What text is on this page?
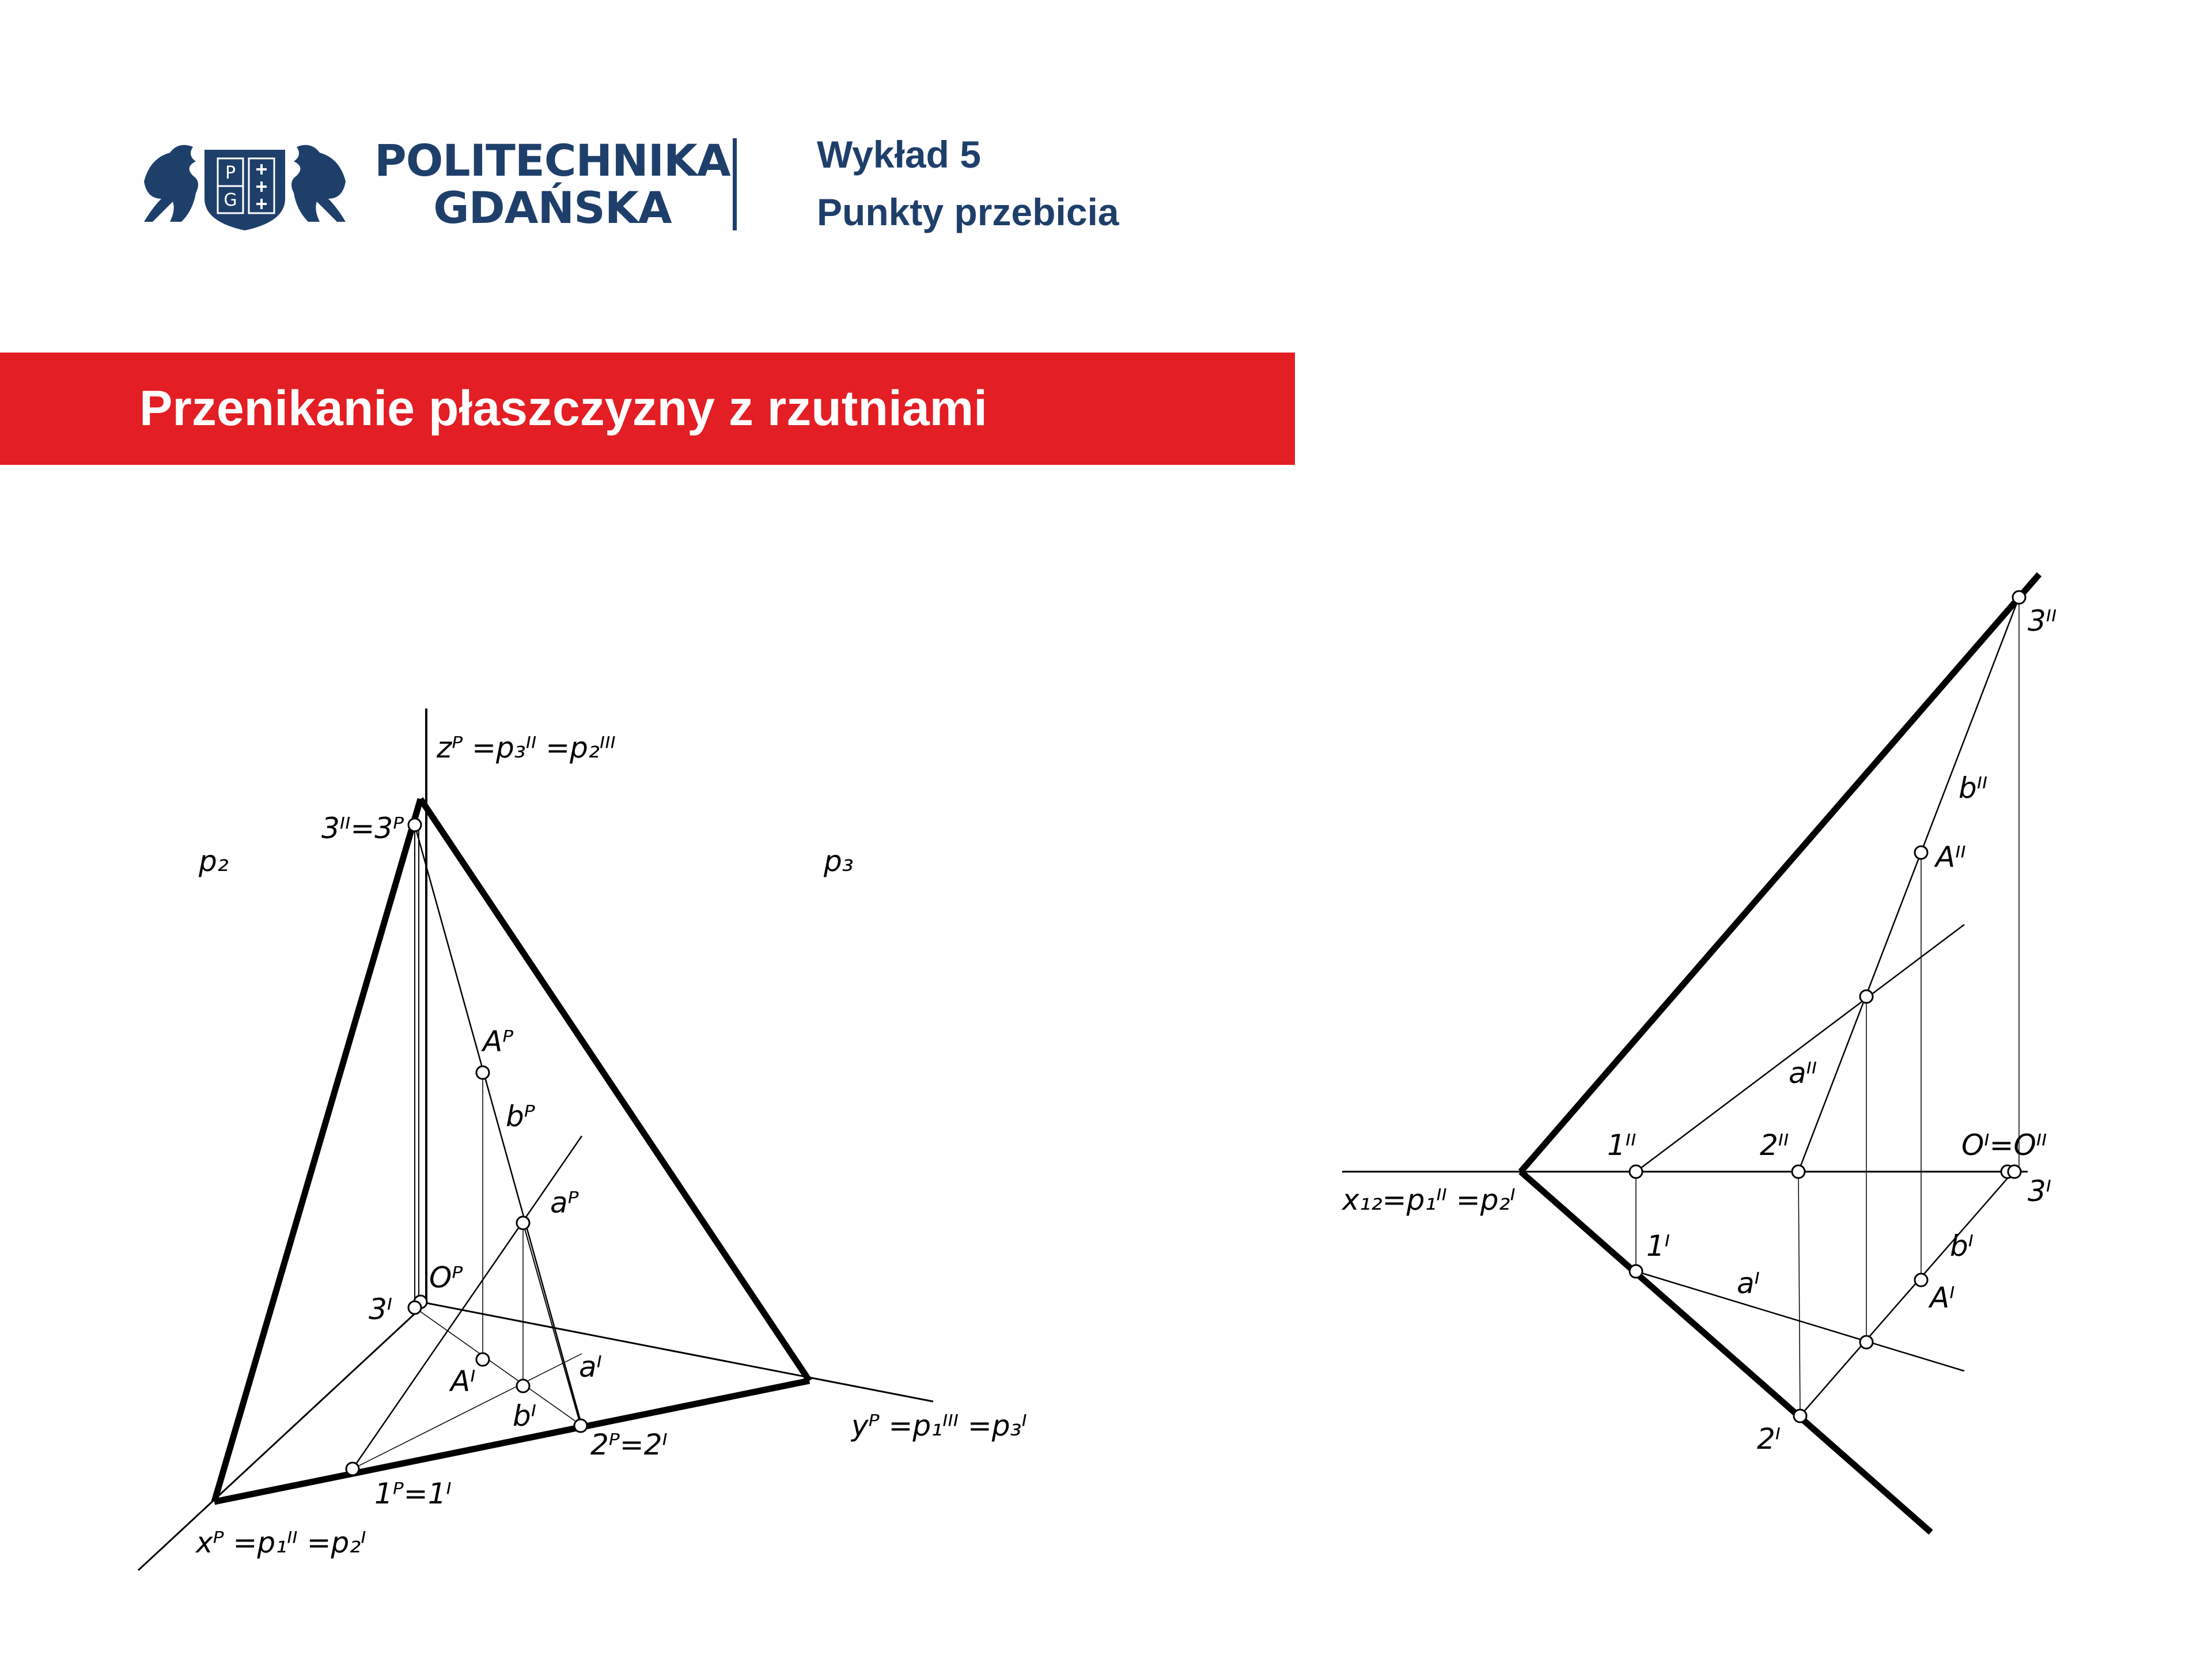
P
G
POLITECHNIKA
GDAŃSKA
Wykład 5
Punkty przebicia
Przenikanie płaszczyzny z rzutniami
zᴾ =p₃ᴵᴵ =p₂ᴵᴵᴵ
p₂	p₃
3ᴵᴵ=3ᴾ
Aᴾ
bᴾ
aᴾ
Oᴾ
3ᴵ
Aᴵ	aᴵ
bᴵ	yᴾ =p₁ᴵᴵᴵ =p₃ᴵ
2ᴾ=2ᴵ
1ᴾ=1ᴵ
xᴾ =p₁ᴵᴵ =p₂ᴵ
3ᴵᴵ
bᴵᴵ
Aᴵᴵ
aᴵᴵ
1ᴵᴵ	2ᴵᴵ	Oᴵ=Oᴵᴵ
3ᴵ
x₁₂=p₁ᴵᴵ =p₂ᴵ
1ᴵ
aᴵ
bᴵ
Aᴵ
2ᴵ
